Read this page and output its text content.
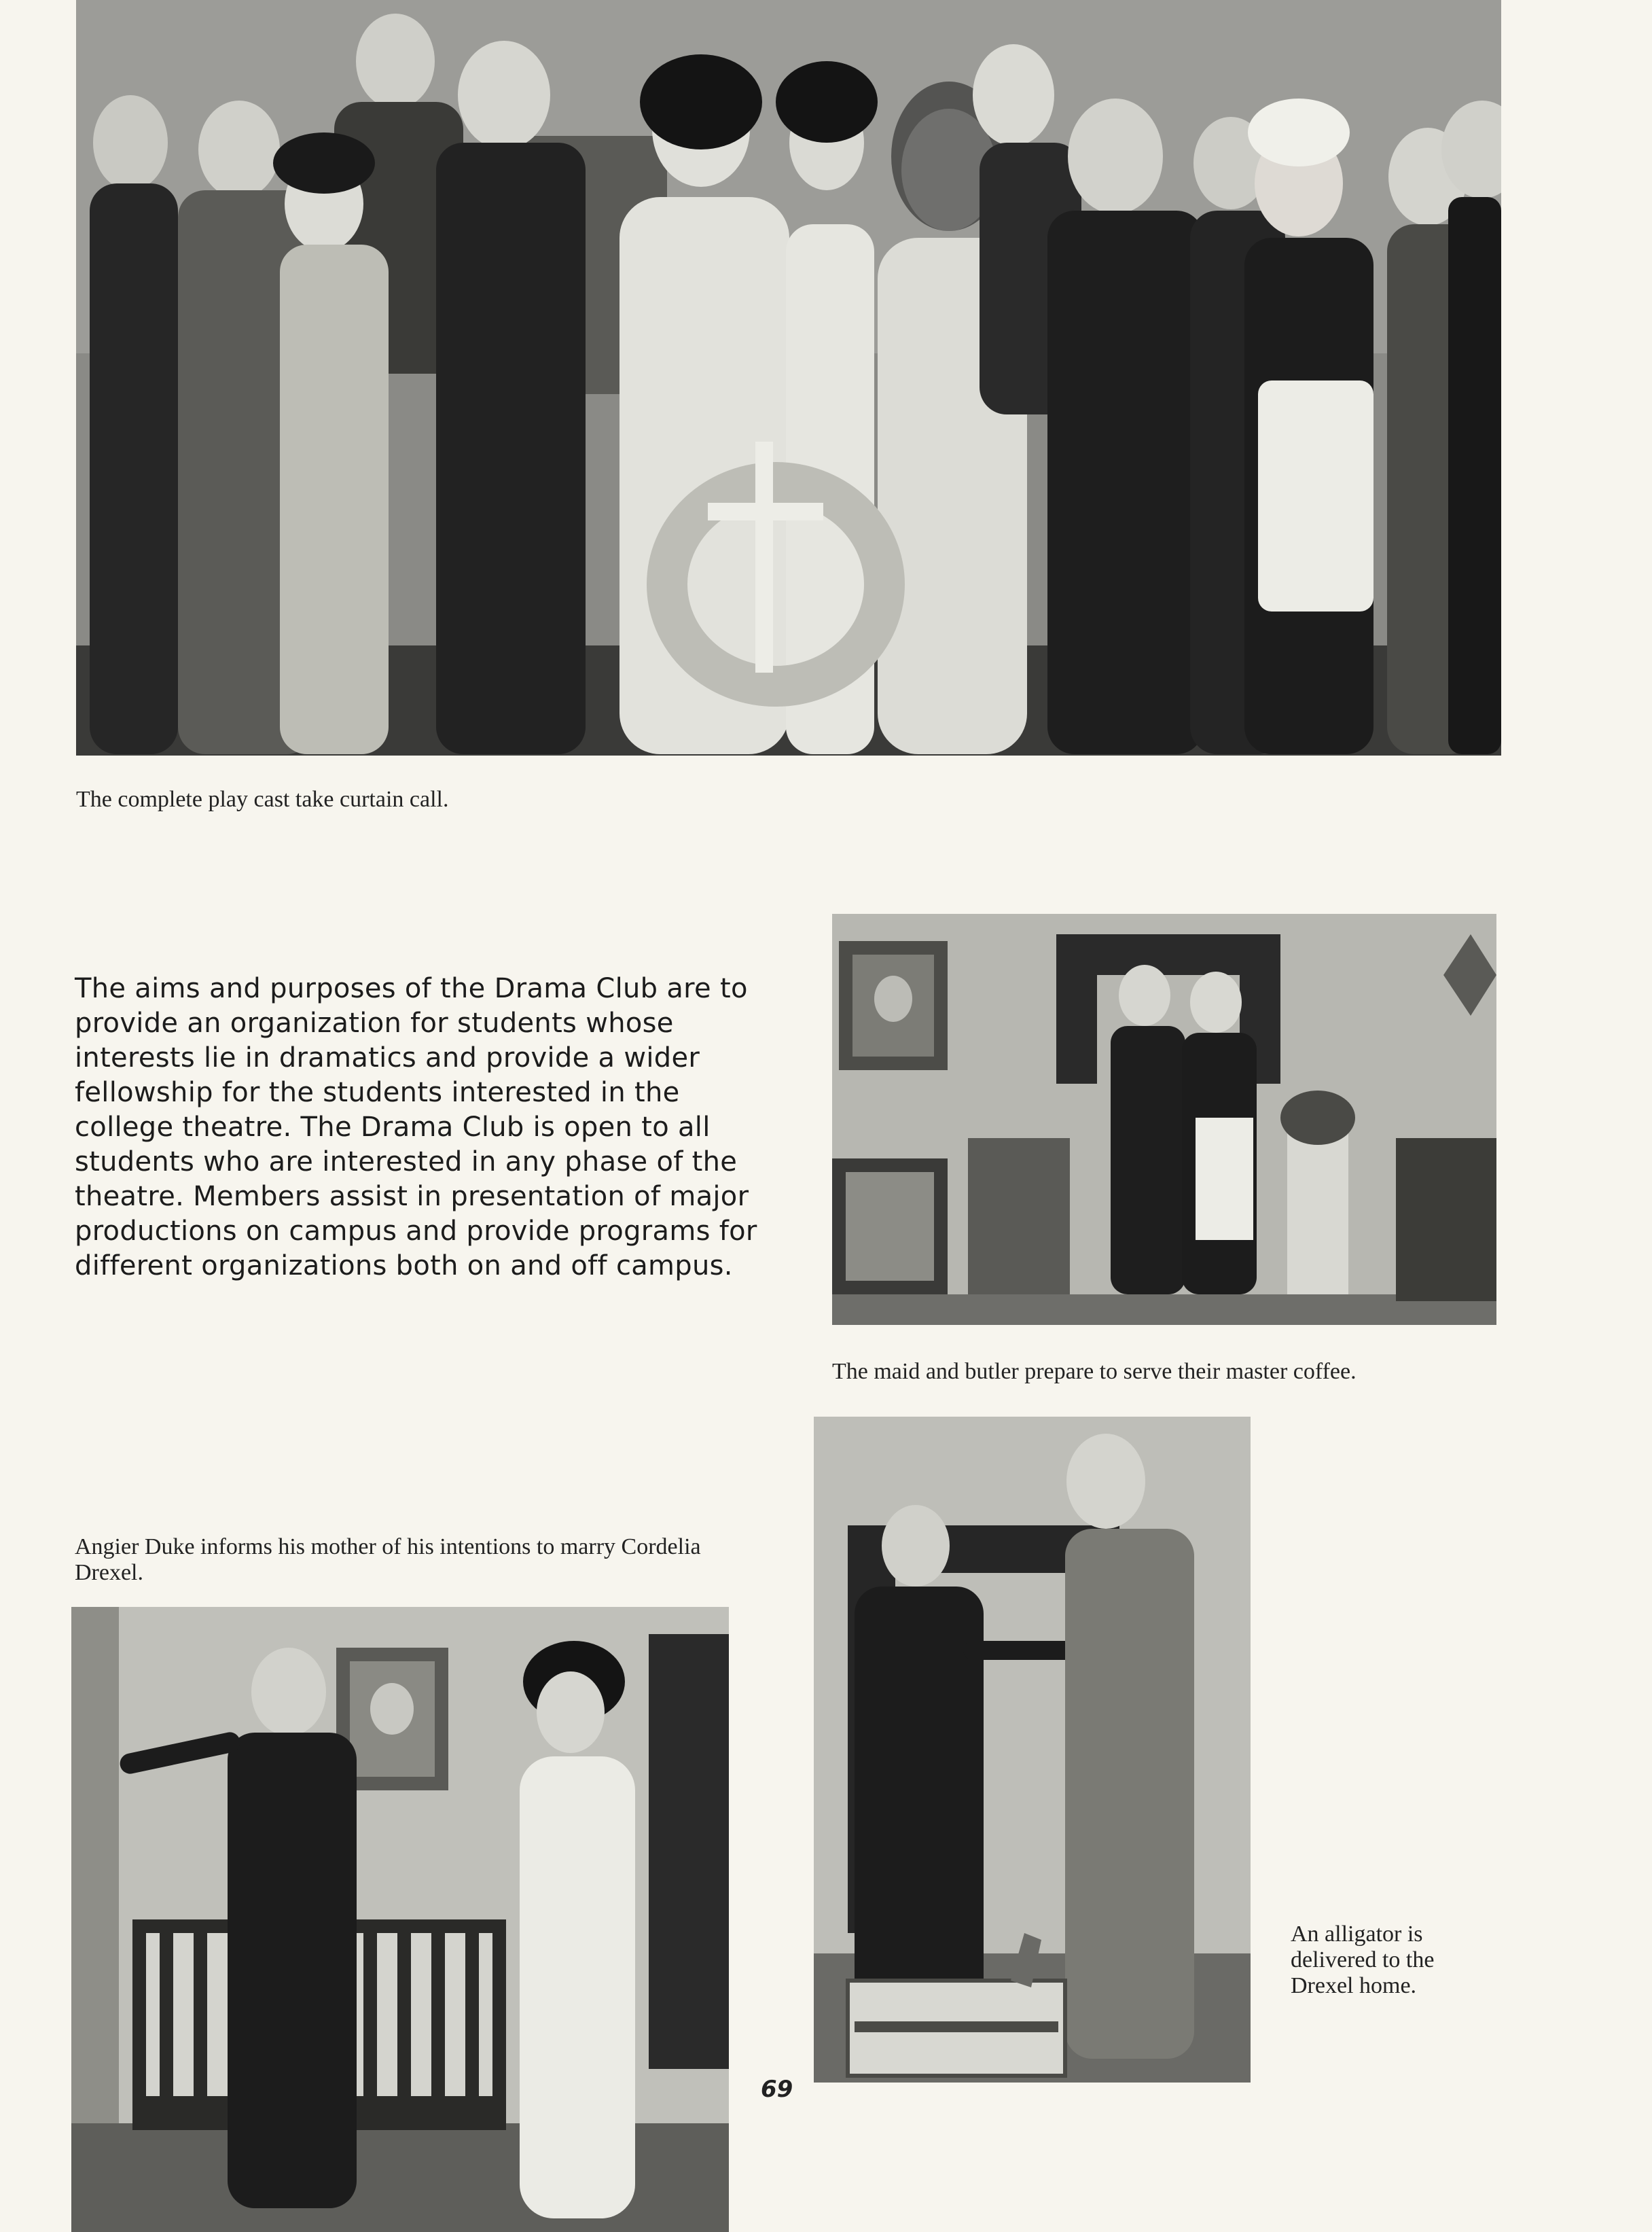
The complete play cast take curtain call.

The aims and purposes of the Drama Club are to provide an organization for students whose interests lie in dramatics and provide a wider fellowship for the students interested in the college theatre. The Drama Club is open to all students who are interested in any phase of the theatre. Members assist in presentation of major productions on campus and provide programs for different organizations both on and off campus.

The maid and butler prepare to serve their master coffee.

Angier Duke informs his mother of his intentions to marry Cordelia Drexel.

An alligator is delivered to the Drexel home.

69
